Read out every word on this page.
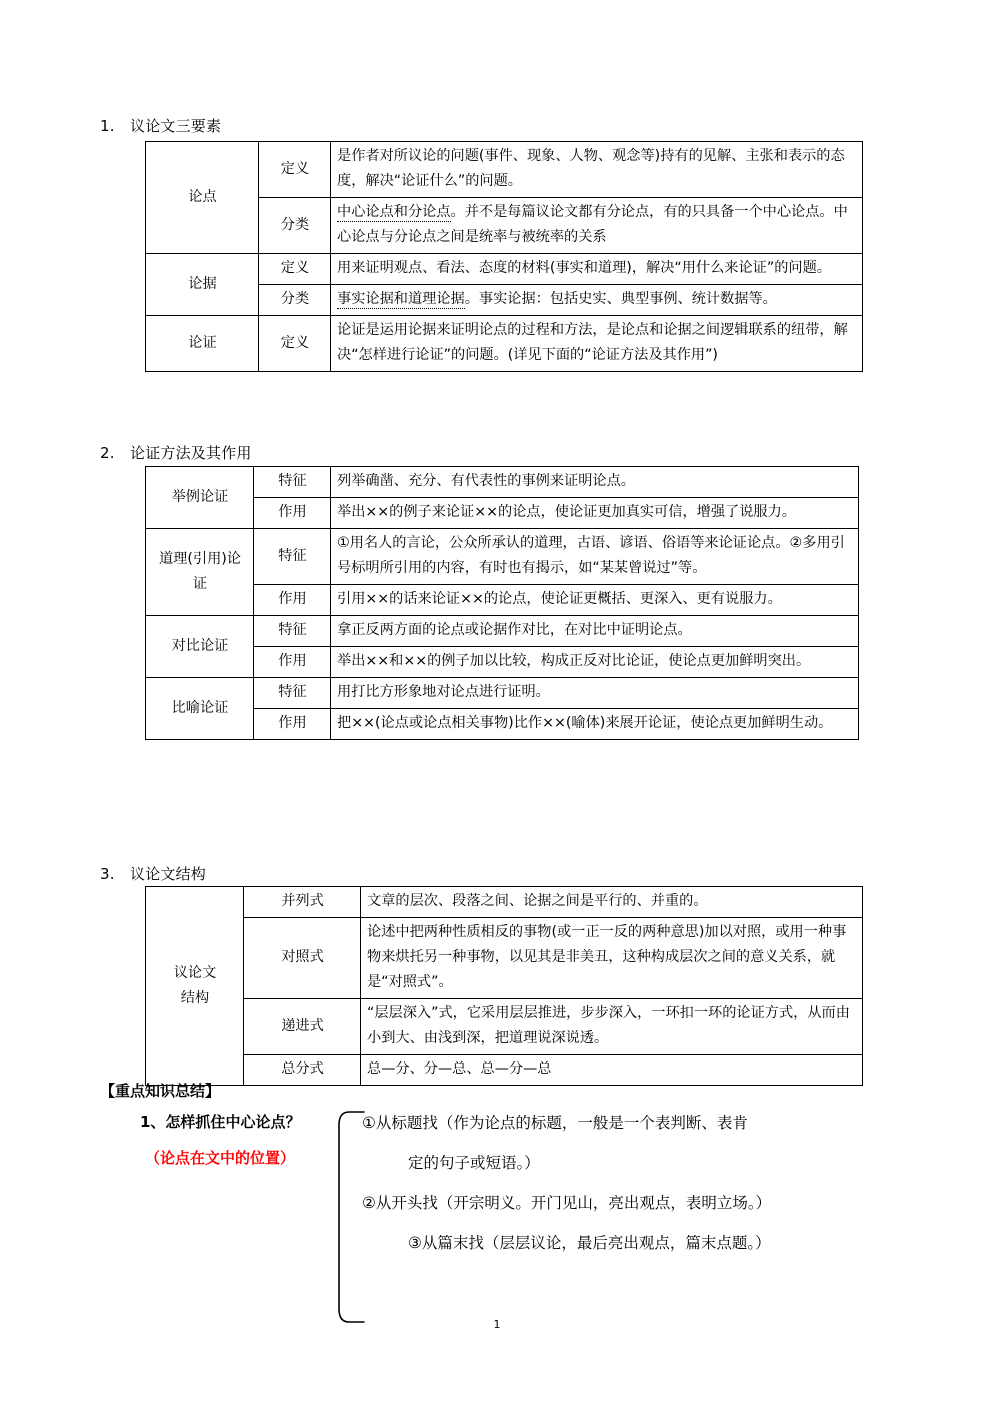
1. 议论文三要素
论点	定义	是作者对所议论的问题(事件、现象、人物、观念等)持有的见解、主张和表示的态度，解决“论证什么”的问题。
	分类	中心论点和分论点。并不是每篇议论文都有分论点，有的只具备一个中心论点。中心论点与分论点之间是统率与被统率的关系
论据	定义	用来证明观点、看法、态度的材料(事实和道理)，解决“用什么来论证”的问题。
	分类	事实论据和道理论据。事实论据：包括史实、典型事例、统计数据等。
论证	定义	论证是运用论据来证明论点的过程和方法，是论点和论据之间逻辑联系的纽带，解决“怎样进行论证”的问题。(详见下面的“论证方法及其作用”)
2. 论证方法及其作用
举例论证	特征	列举确凿、充分、有代表性的事例来证明论点。
	作用	举出××的例子来论证××的论点，使论证更加真实可信，增强了说服力。
道理(引用)论证	特征	①用名人的言论，公众所承认的道理，古语、谚语、俗语等来论证论点。②多用引号标明所引用的内容，有时也有揭示，如“某某曾说过”等。
	作用	引用××的话来论证××的论点，使论证更概括、更深入、更有说服力。
对比论证	特征	拿正反两方面的论点或论据作对比，在对比中证明论点。
	作用	举出××和××的例子加以比较，构成正反对比论证，使论点更加鲜明突出。
比喻论证	特征	用打比方形象地对论点进行证明。
	作用	把××(论点或论点相关事物)比作××(喻体)来展开论证，使论点更加鲜明生动。
3. 议论文结构
议论文
结构	并列式	文章的层次、段落之间、论据之间是平行的、并重的。
	对照式	论述中把两种性质相反的事物(或一正一反的两种意思)加以对照，或用一种事物来烘托另一种事物，以见其是非美丑，这种构成层次之间的意义关系，就是“对照式”。
	递进式	“层层深入”式，它采用层层推进，步步深入，一环扣一环的论证方式，从而由小到大、由浅到深，把道理说深说透。
	总分式	总—分、分—总、总—分—总
【重点知识总结】
1、怎样抓住中心论点？
（论点在文中的位置）
①从标题找（作为论点的标题，一般是一个表判断、表肯
定的句子或短语。）
②从开头找（开宗明义。开门见山，亮出观点，表明立场。）
③从篇末找（层层议论，最后亮出观点，篇末点题。）
1
